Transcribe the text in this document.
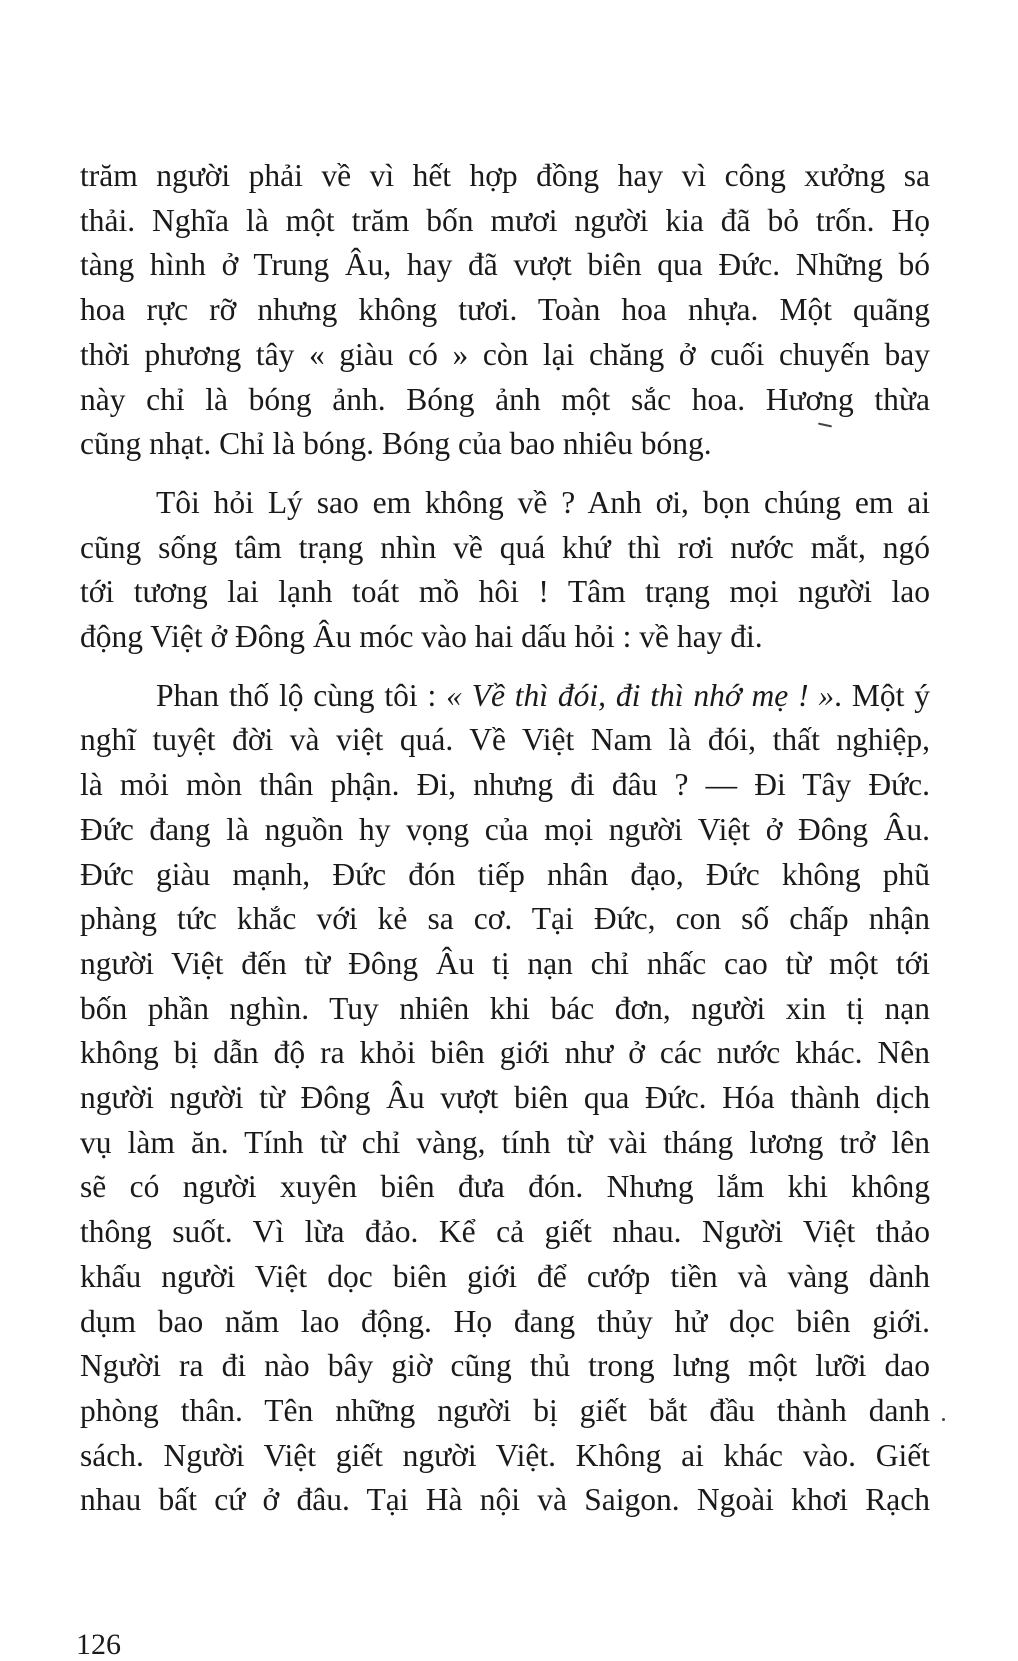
trăm người phải về vì hết hợp đồng hay vì công xưởng sa
thải. Nghĩa là một trăm bốn mươi người kia đã bỏ trốn. Họ
tàng hình ở Trung Âu, hay đã vượt biên qua Đức. Những bó
hoa rực rỡ nhưng không tươi. Toàn hoa nhựa. Một quãng
thời phương tây « giàu có » còn lại chăng ở cuối chuyến bay
này chỉ là bóng ảnh. Bóng ảnh một sắc hoa. Hương thừa
cũng nhạt. Chỉ là bóng. Bóng của bao nhiêu bóng.

Tôi hỏi Lý sao em không về ? Anh ơi, bọn chúng em ai
cũng sống tâm trạng nhìn về quá khứ thì rơi nước mắt, ngó
tới tương lai lạnh toát mồ hôi ! Tâm trạng mọi người lao
động Việt ở Đông Âu móc vào hai dấu hỏi : về hay đi.

Phan thố lộ cùng tôi : « Về thì đói, đi thì nhớ mẹ ! ». Một ý
nghĩ tuyệt đời và việt quá. Về Việt Nam là đói, thất nghiệp,
là mỏi mòn thân phận. Đi, nhưng đi đâu ? — Đi Tây Đức.
Đức đang là nguồn hy vọng của mọi người Việt ở Đông Âu.
Đức giàu mạnh, Đức đón tiếp nhân đạo, Đức không phũ
phàng tức khắc với kẻ sa cơ. Tại Đức, con số chấp nhận
người Việt đến từ Đông Âu tị nạn chỉ nhấc cao từ một tới
bốn phần nghìn. Tuy nhiên khi bác đơn, người xin tị nạn
không bị dẫn độ ra khỏi biên giới như ở các nước khác. Nên
người người từ Đông Âu vượt biên qua Đức. Hóa thành dịch
vụ làm ăn. Tính từ chỉ vàng, tính từ vài tháng lương trở lên
sẽ có người xuyên biên đưa đón. Nhưng lắm khi không
thông suốt. Vì lừa đảo. Kể cả giết nhau. Người Việt thảo
khấu người Việt dọc biên giới để cướp tiền và vàng dành
dụm bao năm lao động. Họ đang thủy hử dọc biên giới.
Người ra đi nào bây giờ cũng thủ trong lưng một lưỡi dao
phòng thân. Tên những người bị giết bắt đầu thành danh
sách. Người Việt giết người Việt. Không ai khác vào. Giết
nhau bất cứ ở đâu. Tại Hà nội và Saigon. Ngoài khơi Rạch

126
